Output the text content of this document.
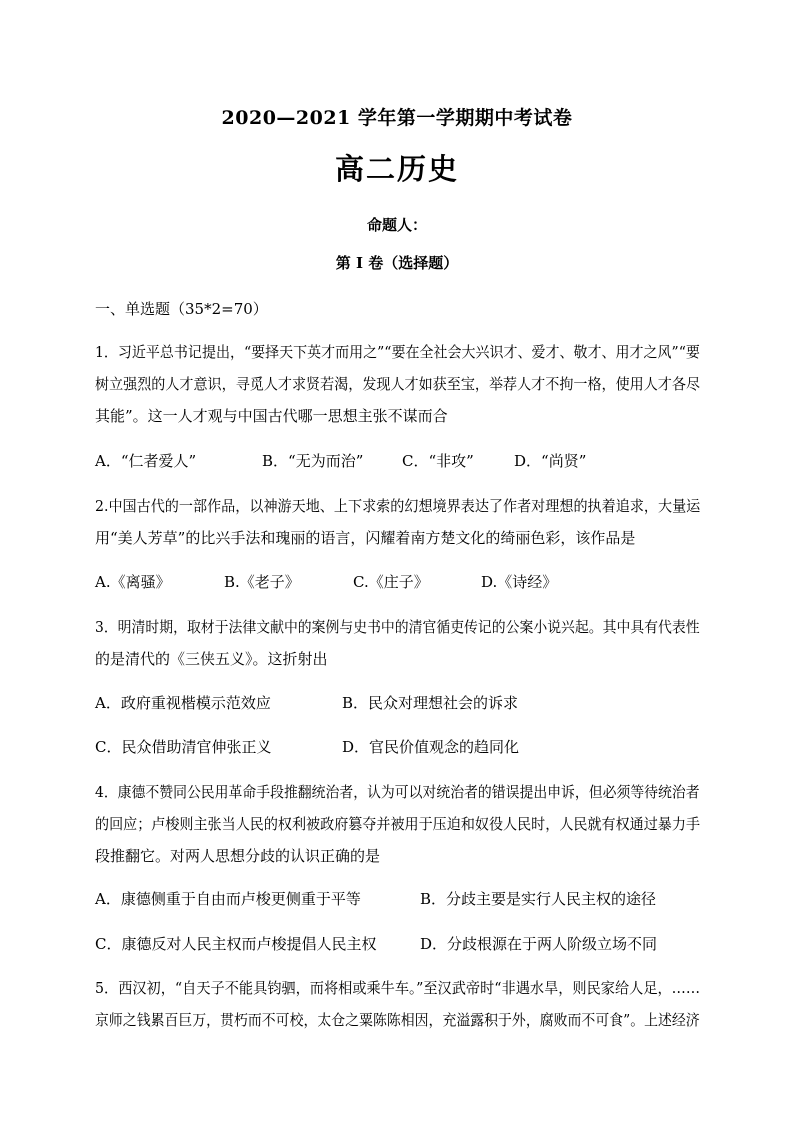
2020—2021 学年第一学期期中考试卷
高二历史
命题人：
第 I 卷（选择题）
一、单选题（35*2=70）
1．习近平总书记提出，“要择天下英才而用之”“要在全社会大兴识才、爱才、敬才、用才之风”“要
树立强烈的人才意识，寻觅人才求贤若渴，发现人才如获至宝，举荐人才不拘一格，使用人才各尽
其能”。这一人才观与中国古代哪一思想主张不谋而合
A．“仁者爱人”	B．“无为而治”	C．“非攻”	D．“尚贤”
2.中国古代的一部作品，以神游天地、上下求索的幻想境界表达了作者对理想的执着追求，大量运
用“美人芳草”的比兴手法和瑰丽的语言，闪耀着南方楚文化的绮丽色彩，该作品是
A.《离骚》	B.《老子》	C.《庄子》	D.《诗经》
3．明清时期，取材于法律文献中的案例与史书中的清官循吏传记的公案小说兴起。其中具有代表性
的是清代的《三侠五义》。这折射出
A．政府重视楷模示范效应	B．民众对理想社会的诉求
C．民众借助清官伸张正义	D．官民价值观念的趋同化
4．康德不赞同公民用革命手段推翻统治者，认为可以对统治者的错误提出申诉，但必须等待统治者
的回应；卢梭则主张当人民的权利被政府篡夺并被用于压迫和奴役人民时，人民就有权通过暴力手
段推翻它。对两人思想分歧的认识正确的是
A．康德侧重于自由而卢梭更侧重于平等	B．分歧主要是实行人民主权的途径
C．康德反对人民主权而卢梭提倡人民主权	D．分歧根源在于两人阶级立场不同
5．西汉初，“自天子不能具钧驷，而将相或乘牛车。”至汉武帝时“非遇水旱，则民家给人足，……
京师之钱累百巨万，贯朽而不可校，太仓之粟陈陈相因，充溢露积于外，腐败而不可食”。上述经济
